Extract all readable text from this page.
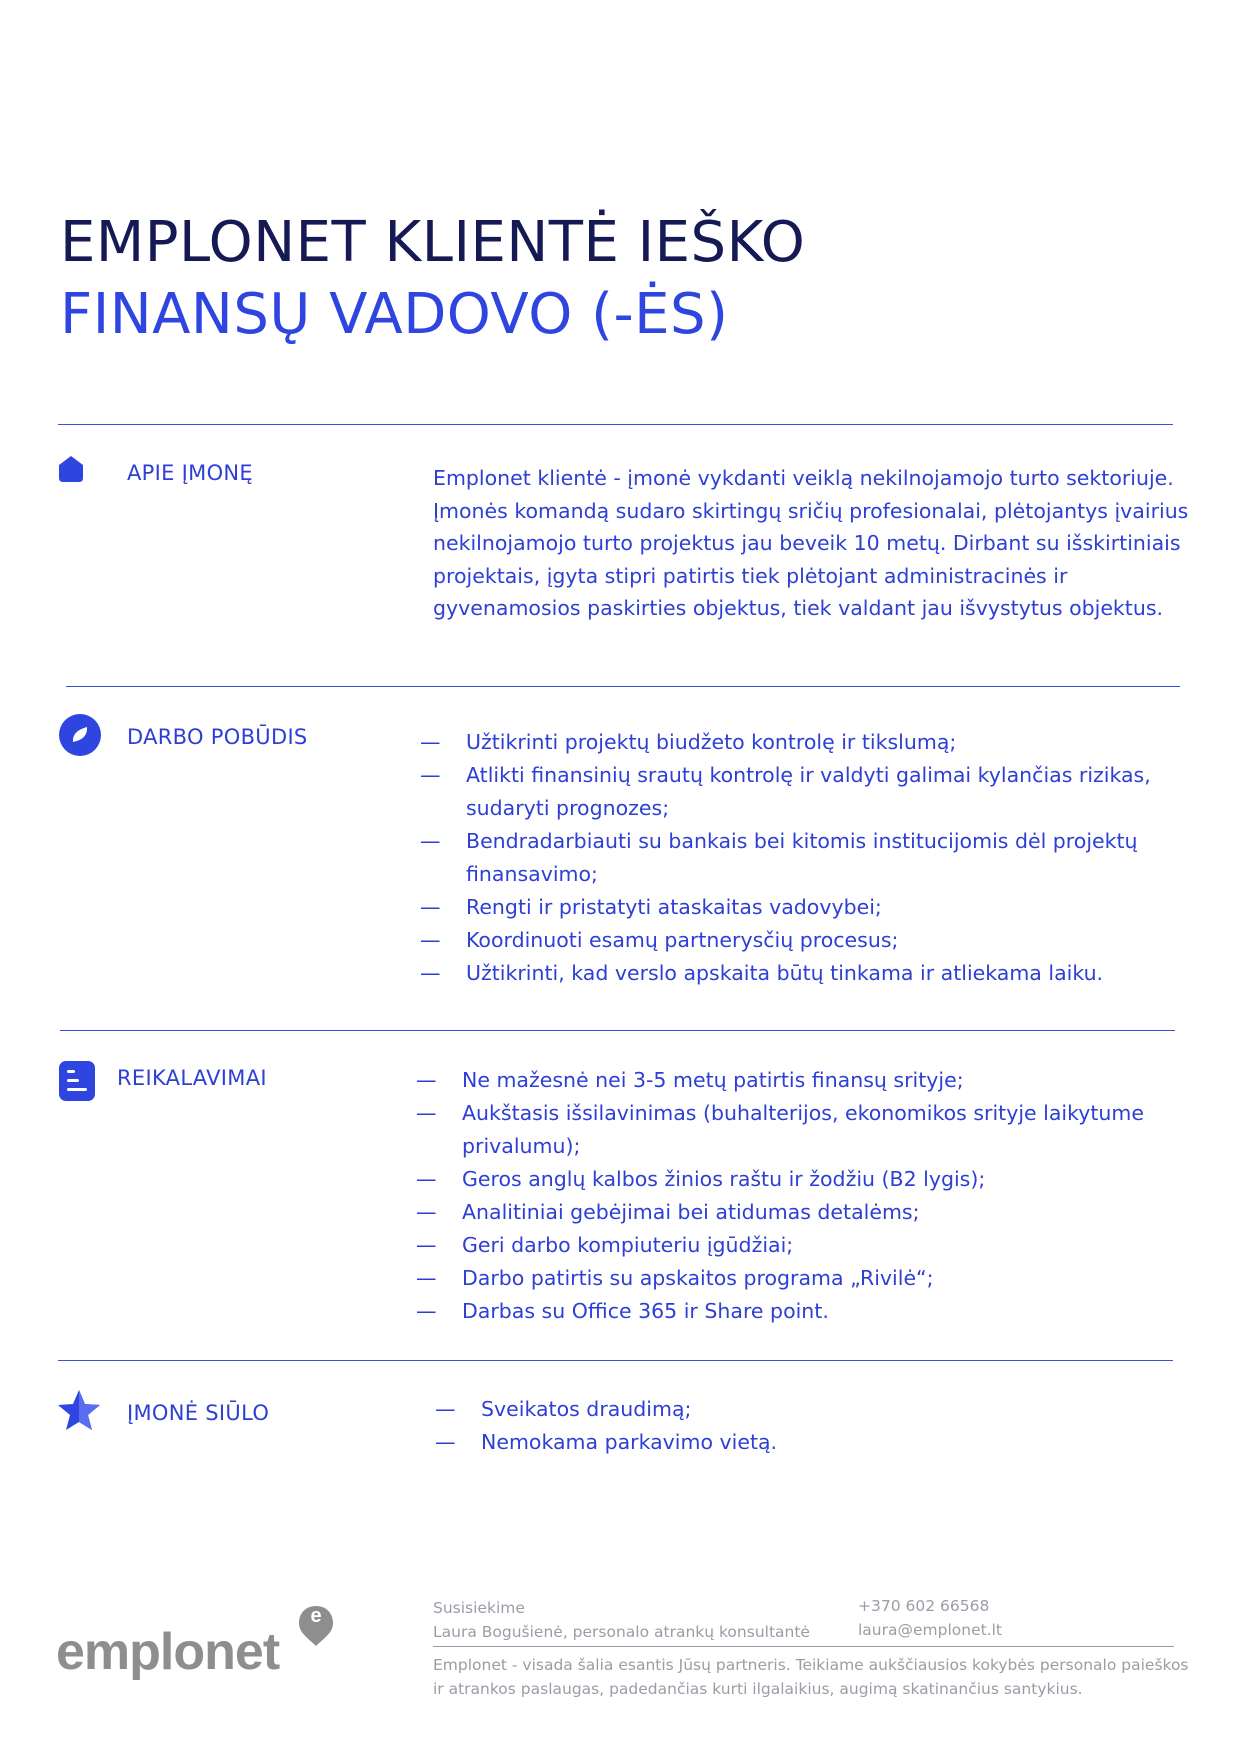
EMPLONET KLIENTĖ IEŠKO
FINANSŲ VADOVO (-ĖS)
APIE ĮMONĘ	Emplonet klientė - įmonė vykdanti veiklą nekilnojamojo turto sektoriuje.

Įmonės komandą sudaro skirtingų sričių profesionalai, plėtojantys įvairius

nekilnojamojo turto projektus jau beveik 10 metų. Dirbant su išskirtiniais

projektais, įgyta stipri patirtis tiek plėtojant administracinės ir

gyvenamosios paskirties objektus, tiek valdant jau išvystytus objektus.

DARBO POBŪDIS	—	Užtikrinti projektų biudžeto kontrolę ir tikslumą;
—	Atlikti finansinių srautų kontrolę ir valdyti galimai kylančias rizikas,
sudaryti prognozes;
—	Bendradarbiauti su bankais bei kitomis institucijomis dėl projektų
finansavimo;
—	Rengti ir pristatyti ataskaitas vadovybei;
—	Koordinuoti esamų partnerysčių procesus;
—	Užtikrinti, kad verslo apskaita būtų tinkama ir atliekama laiku.
REIKALAVIMAI	—	Ne mažesnė nei 3-5 metų patirtis finansų srityje;
—	Aukštasis išsilavinimas (buhalterijos, ekonomikos srityje laikytume
privalumu);
—	Geros anglų kalbos žinios raštu ir žodžiu (B2 lygis);
—	Analitiniai gebėjimai bei atidumas detalėms;
—	Geri darbo kompiuteriu įgūdžiai;
—	Darbo patirtis su apskaitos programa „Rivilė“;
—	Darbas su Office 365 ir Share point.
ĮMONĖ SIŪLO	—	Sveikatos draudimą;
—	Nemokama parkavimo vietą.
emplonet
e	Susisiekime
Laura Bogušienė, personalo atrankų konsultantė
+370 602 66568
laura@emplonet.lt
Emplonet - visada šalia esantis Jūsų partneris. Teikiame aukščiausios kokybės personalo paieškos
ir atrankos paslaugas, padedančias kurti ilgalaikius, augimą skatinančius santykius.
